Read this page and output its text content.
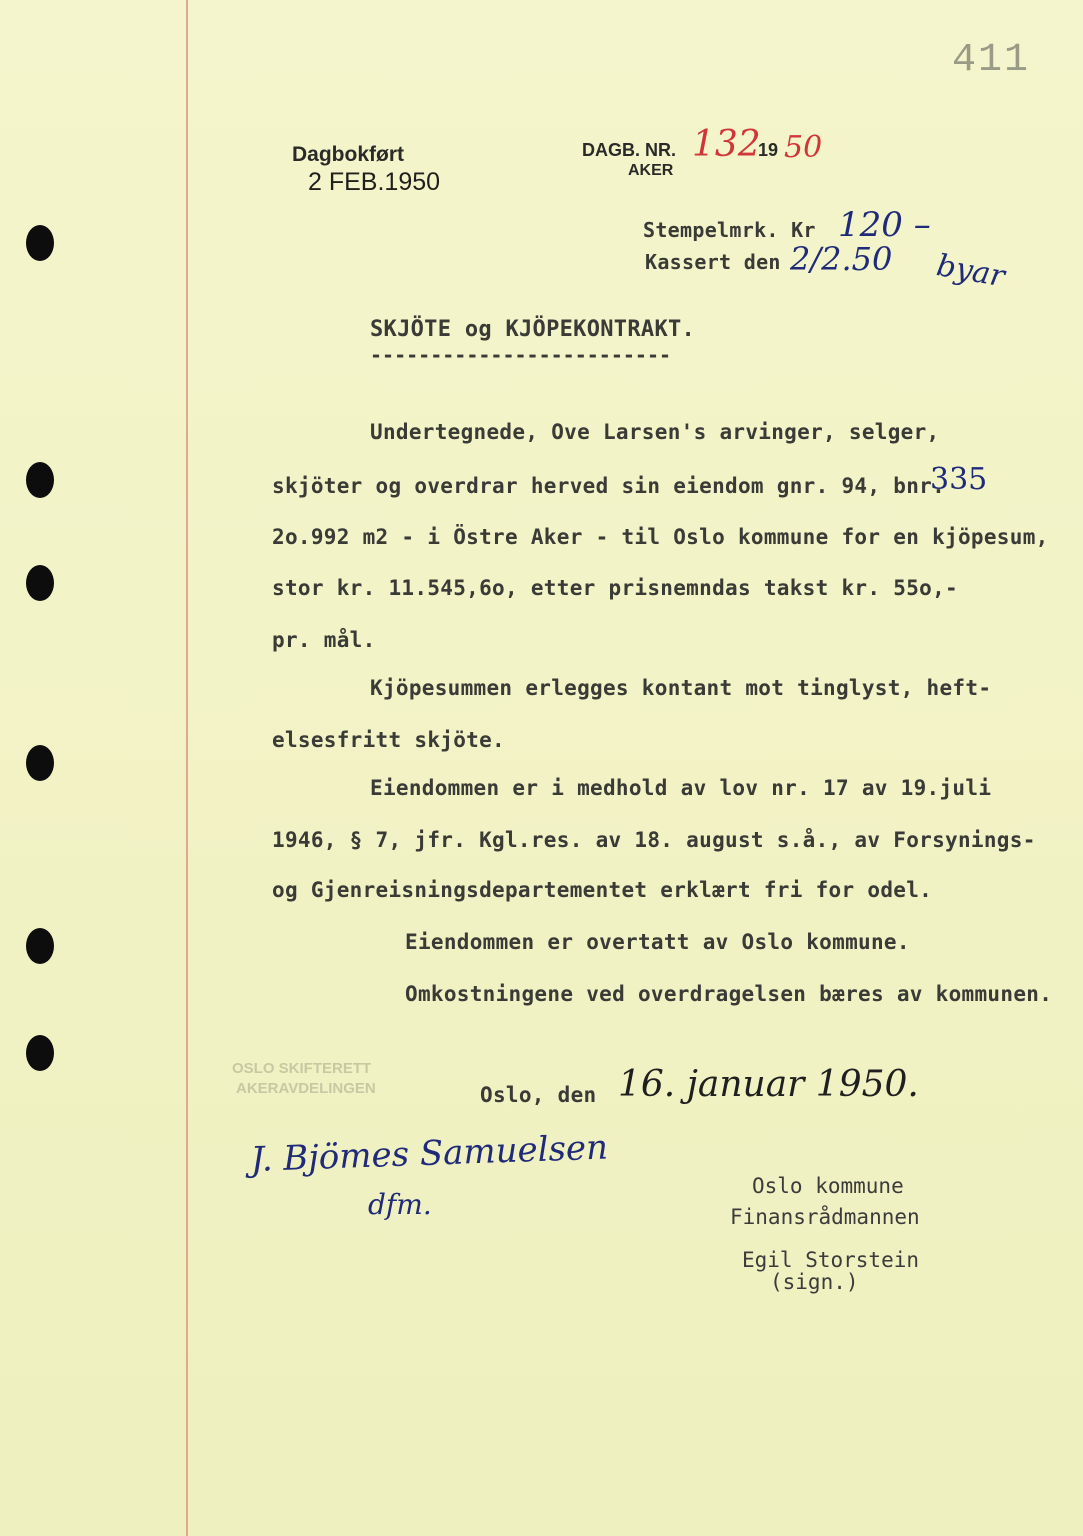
411
Dagbokført
2 FEB.1950
DAGB. NR. 132
19 50
AKER
Stempelmrk. Kr 120 –
Kassert den 2/2.50 byar
SKJÖTE og KJÖPEKONTRAKT.
-------------------------
Undertegnede, Ove Larsen's arvinger, selger,
skjöter og overdrar herved sin eiendom gnr. 94, bnr.
335
2o.992 m2 - i Östre Aker - til Oslo kommune for en kjöpesum,
stor kr. 11.545,6o, etter prisnemndas takst kr. 55o,-
pr. mål.
Kjöpesummen erlegges kontant mot tinglyst, heft-
elsesfritt skjöte.
Eiendommen er i medhold av lov nr. 17 av 19.juli
1946, § 7, jfr. Kgl.res. av 18. august s.å., av Forsynings-
og Gjenreisningsdepartementet erklært fri for odel.
Eiendommen er overtatt av Oslo kommune.
Omkostningene ved overdragelsen bæres av kommunen.
OSLO SKIFTERETT
AKERAVDELINGEN	Oslo, den 16. januar 1950.
J. Bjömes Samuelsen
dfm.
Oslo kommune
Finansrådmannen
Egil Storstein
(sign.)
